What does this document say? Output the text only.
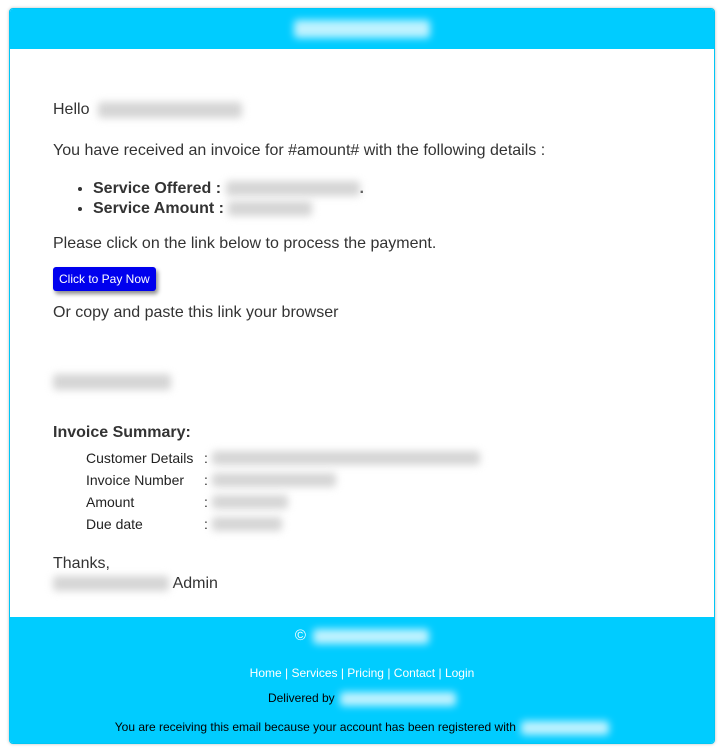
Hello
You have received an invoice for #amount# with the following details :
• Service Offered :	.
• Service Amount :
Please click on the link below to process the payment.
Click to Pay Now
Or copy and paste this link your browser
Invoice Summary:
Customer Details :
Invoice Number	:
Amount	:
Due date	:
Thanks,
Admin
©
Home | Services | Pricing | Contact | Login
Delivered by
You are receiving this email because your account has been registered with
